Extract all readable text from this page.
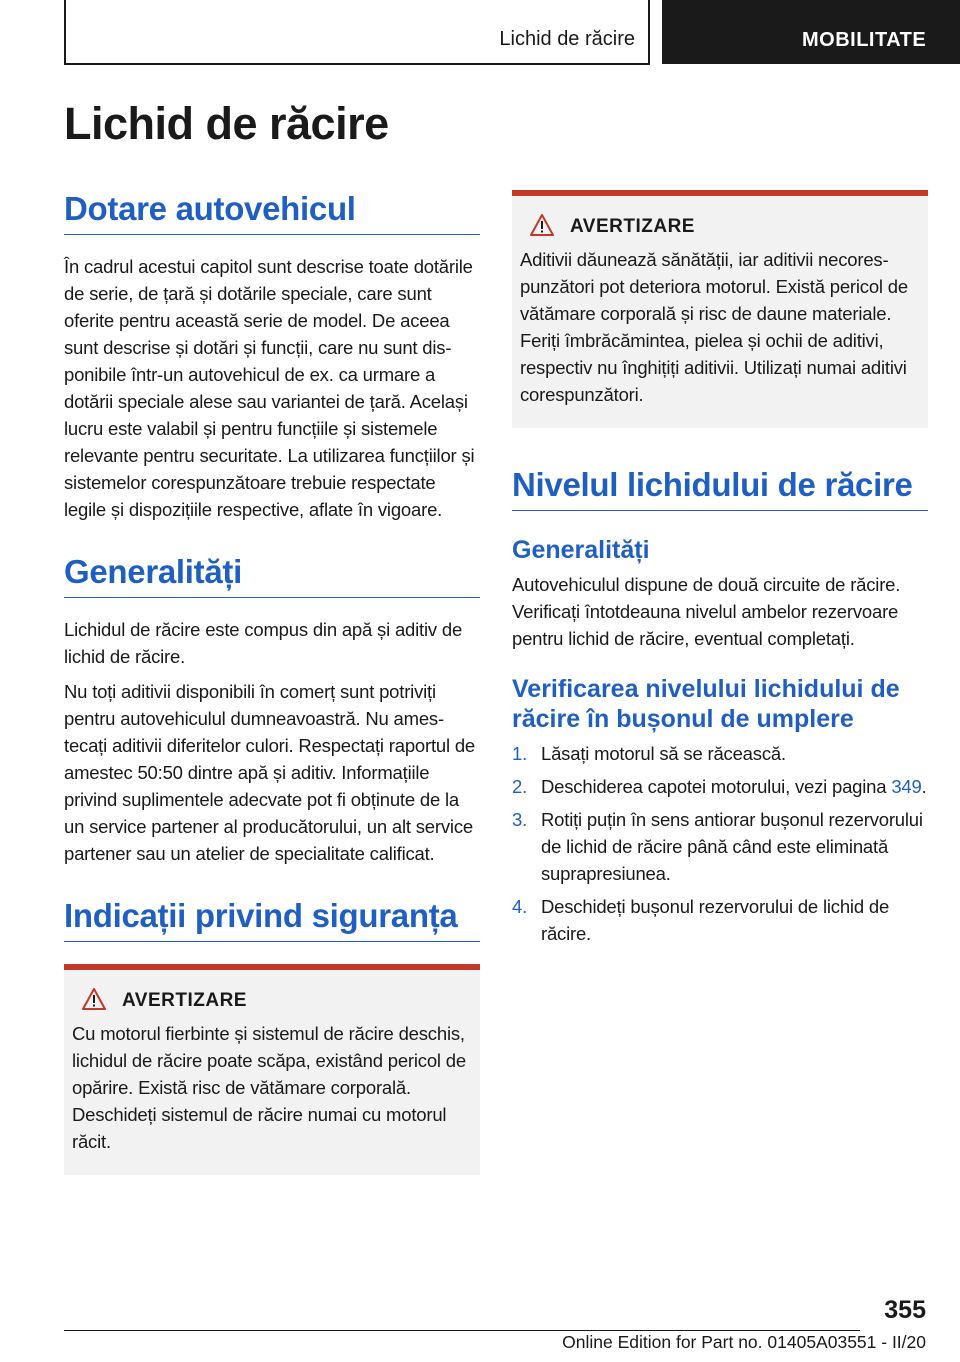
Lichid de răcire	MOBILITATE
Lichid de răcire
Dotare autovehicul

În cadrul acestui capitol sunt descrise toate dotările de serie, de țară și dotările speciale, care sunt oferite pentru această serie de model. De aceea sunt descrise și dotări și funcții, care nu sunt disponibile într-un autovehicul de ex. ca urmare a dotării speciale alese sau variantei de țară. Același lucru este valabil și pentru funcțiile și sistemele relevante pentru securitate. La utilizarea funcțiilor și sistemelor corespunzătoare trebuie respectate legile și dispozițiile respective, aflate în vigoare.

Generalități

Lichidul de răcire este compus din apă și aditiv de lichid de răcire.

Nu toți aditivii disponibili în comerț sunt potriviți pentru autovehiculul dumneavoastră. Nu amestecați aditivii diferitelor culori. Respectați raportul de amestec 50:50 dintre apă și aditiv. Informațiile privind suplimentele adecvate pot fi obținute de la un service partener al producătorului, un alt service partener sau un atelier de specialitate calificat.

Indicații privind siguranța
AVERTIZARE

Cu motorul fierbinte și sistemul de răcire deschis, lichidul de răcire poate scăpa, existând pericol de opărire. Există risc de vătămare corporală. Deschideți sistemul de răcire numai cu motorul răcit.

AVERTIZARE

Aditivii dăunează sănătății, iar aditivii necorespunzători pot deteriora motorul. Există pericol de vătămare corporală și risc de daune materiale. Feriți îmbrăcămintea, pielea și ochii de aditivi, respectiv nu înghițiți aditivii. Utilizați numai aditivi corespunzători.

Nivelul lichidului de răcire
Generalități

Autovehiculul dispune de două circuite de răcire. Verificați întotdeauna nivelul ambelor rezervoare pentru lichid de răcire, eventual completați.

Verificarea nivelului lichidului de răcire în bușonul de umplere
1. Lăsați motorul să se răcească.
2. Deschiderea capotei motorului, vezi pagina 349.
3. Rotiți puțin în sens antiorar bușonul rezervorului de lichid de răcire până când este eliminată suprapresiunea.
4. Deschideți bușonul rezervorului de lichid de răcire.
355
Online Edition for Part no. 01405A03551 - II/20
